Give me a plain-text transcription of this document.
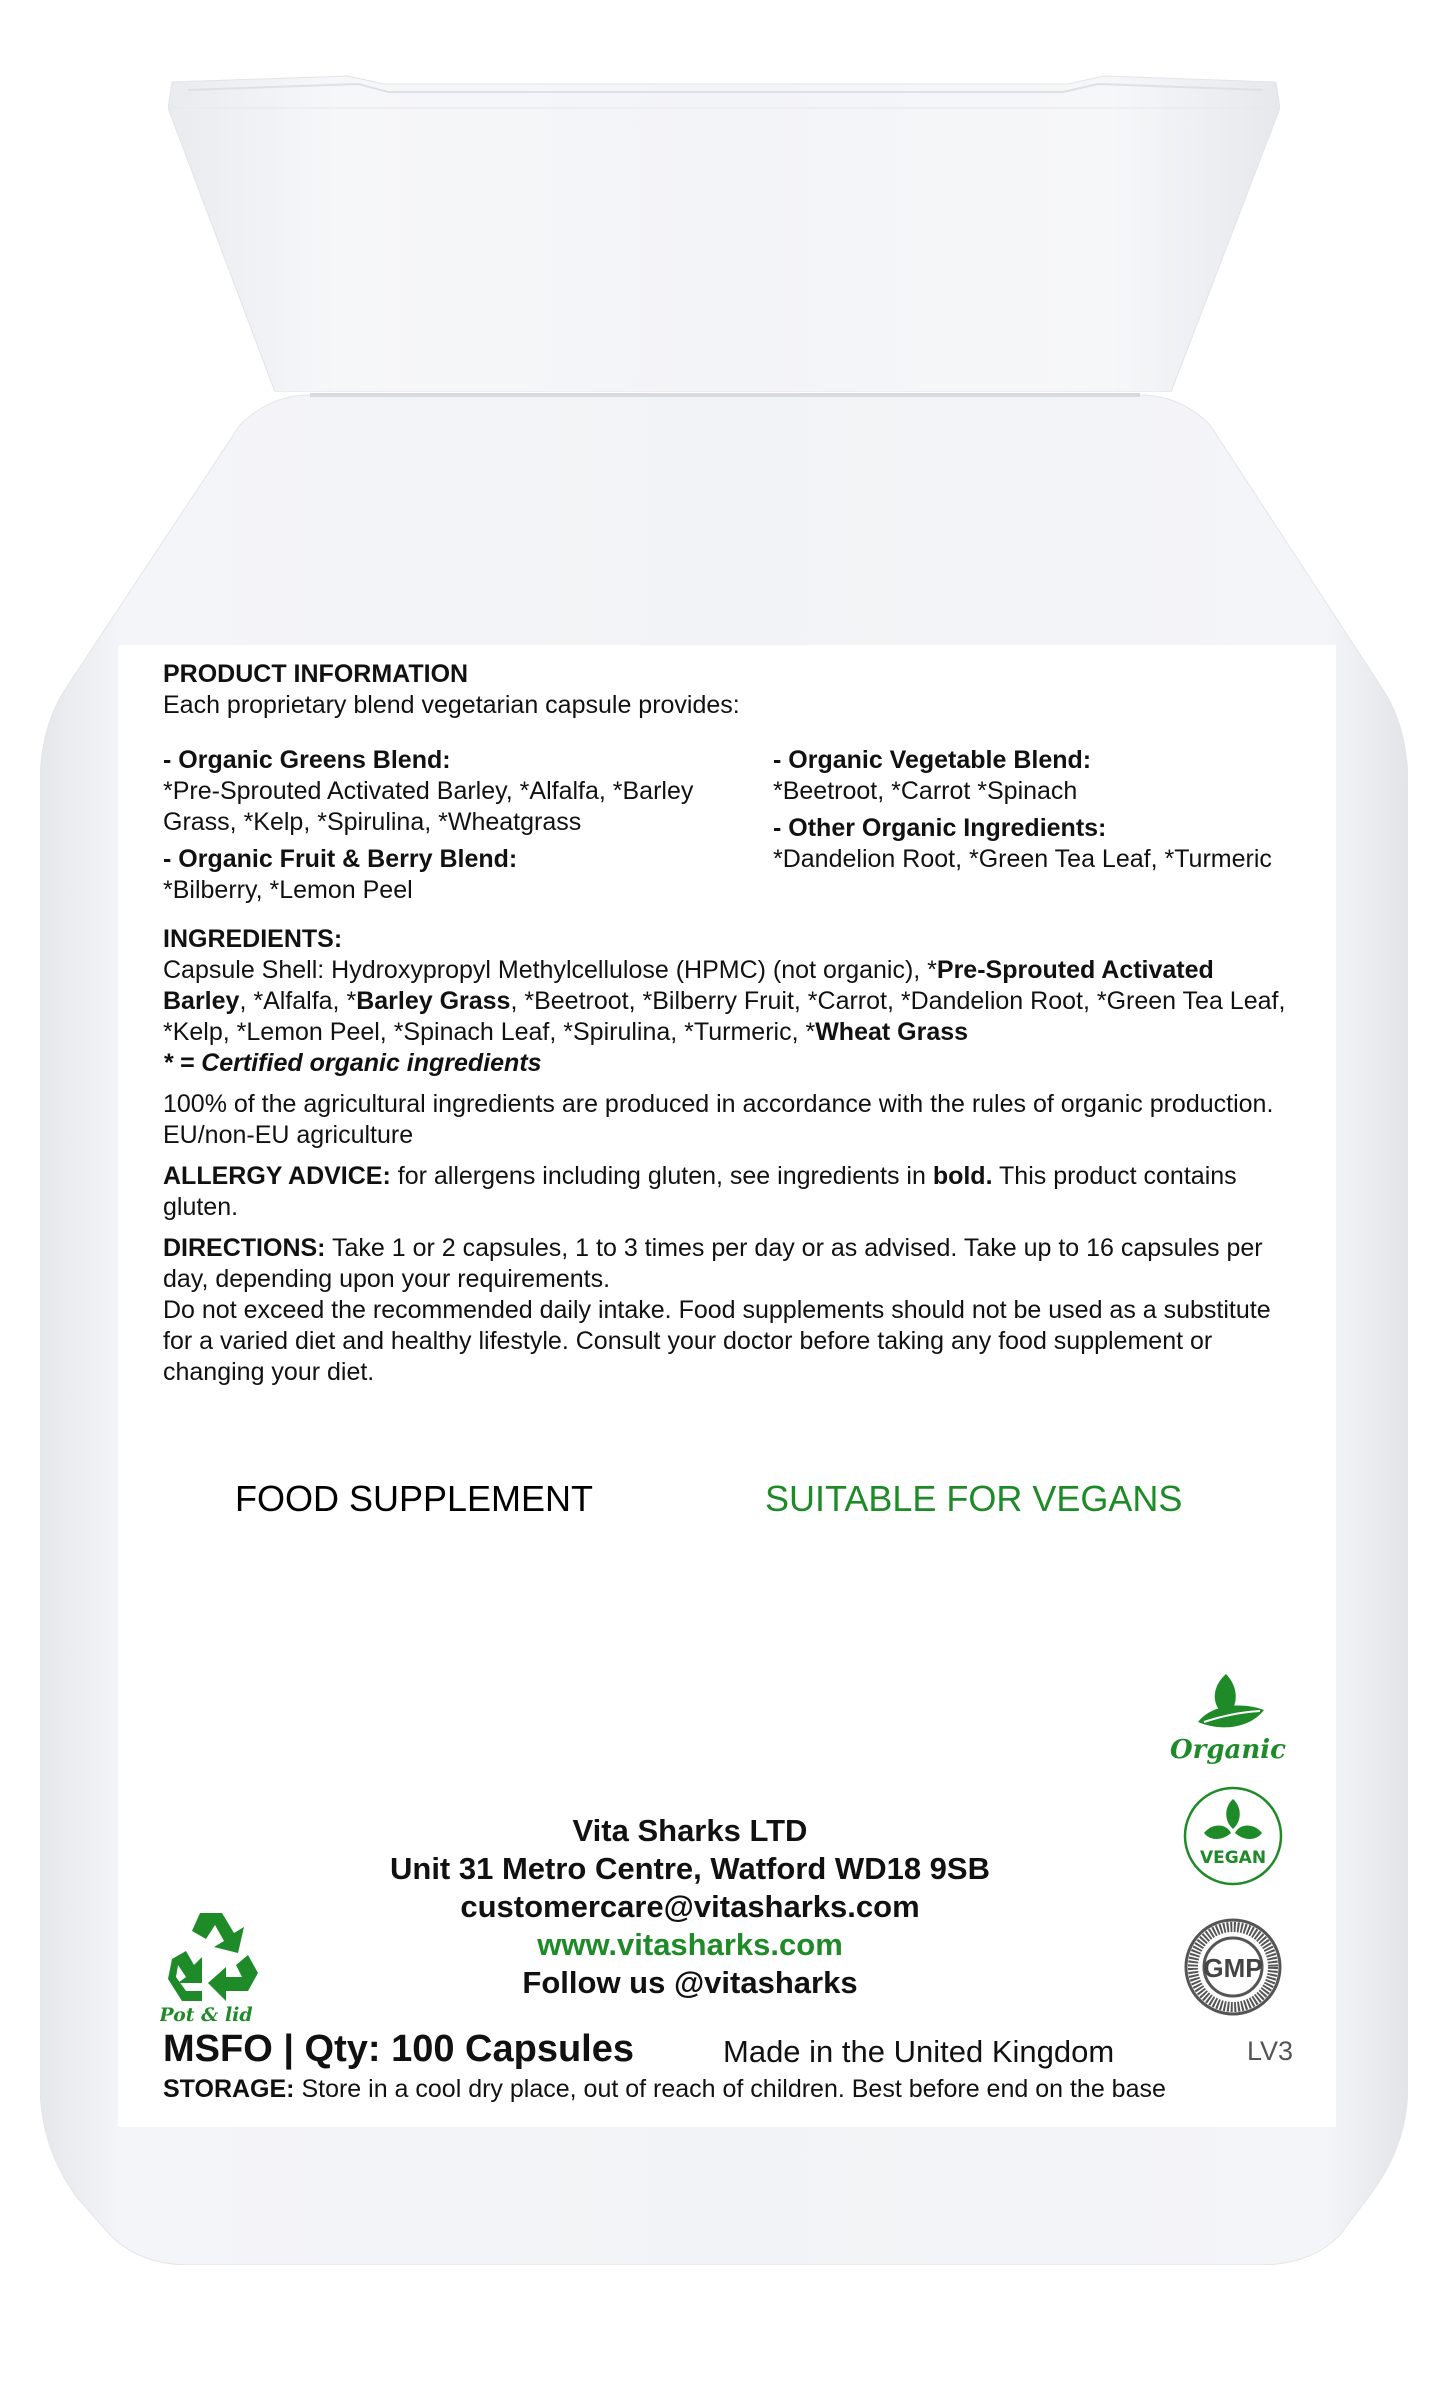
PRODUCT INFORMATION
Each proprietary blend vegetarian capsule provides:
- Organic Greens Blend:
*Pre-Sprouted Activated Barley, *Alfalfa, *Barley Grass, *Kelp, *Spirulina, *Wheatgrass
- Organic Fruit & Berry Blend:
*Bilberry, *Lemon Peel
- Organic Vegetable Blend:
*Beetroot, *Carrot *Spinach
- Other Organic Ingredients:
*Dandelion Root, *Green Tea Leaf, *Turmeric
INGREDIENTS:
Capsule Shell: Hydroxypropyl Methylcellulose (HPMC) (not organic), *Pre-Sprouted Activated Barley, *Alfalfa, *Barley Grass, *Beetroot, *Bilberry Fruit, *Carrot, *Dandelion Root, *Green Tea Leaf, *Kelp, *Lemon Peel, *Spinach Leaf, *Spirulina, *Turmeric, *Wheat Grass
* = Certified organic ingredients
100% of the agricultural ingredients are produced in accordance with the rules of organic production. EU/non-EU agriculture
ALLERGY ADVICE: for allergens including gluten, see ingredients in bold. This product contains gluten.
DIRECTIONS: Take 1 or 2 capsules, 1 to 3 times per day or as advised. Take up to 16 capsules per day, depending upon your requirements.
Do not exceed the recommended daily intake. Food supplements should not be used as a substitute for a varied diet and healthy lifestyle. Consult your doctor before taking any food supplement or changing your diet.
FOOD SUPPLEMENT	SUITABLE FOR VEGANS
Organic
VEGAN
GMP
Pot & lid
Vita Sharks LTD
Unit 31 Metro Centre, Watford WD18 9SB
customercare@vitasharks.com
www.vitasharks.com
Follow us @vitasharks
MSFO | Qty: 100 Capsules	Made in the United Kingdom	LV3
STORAGE: Store in a cool dry place, out of reach of children. Best before end on the base
